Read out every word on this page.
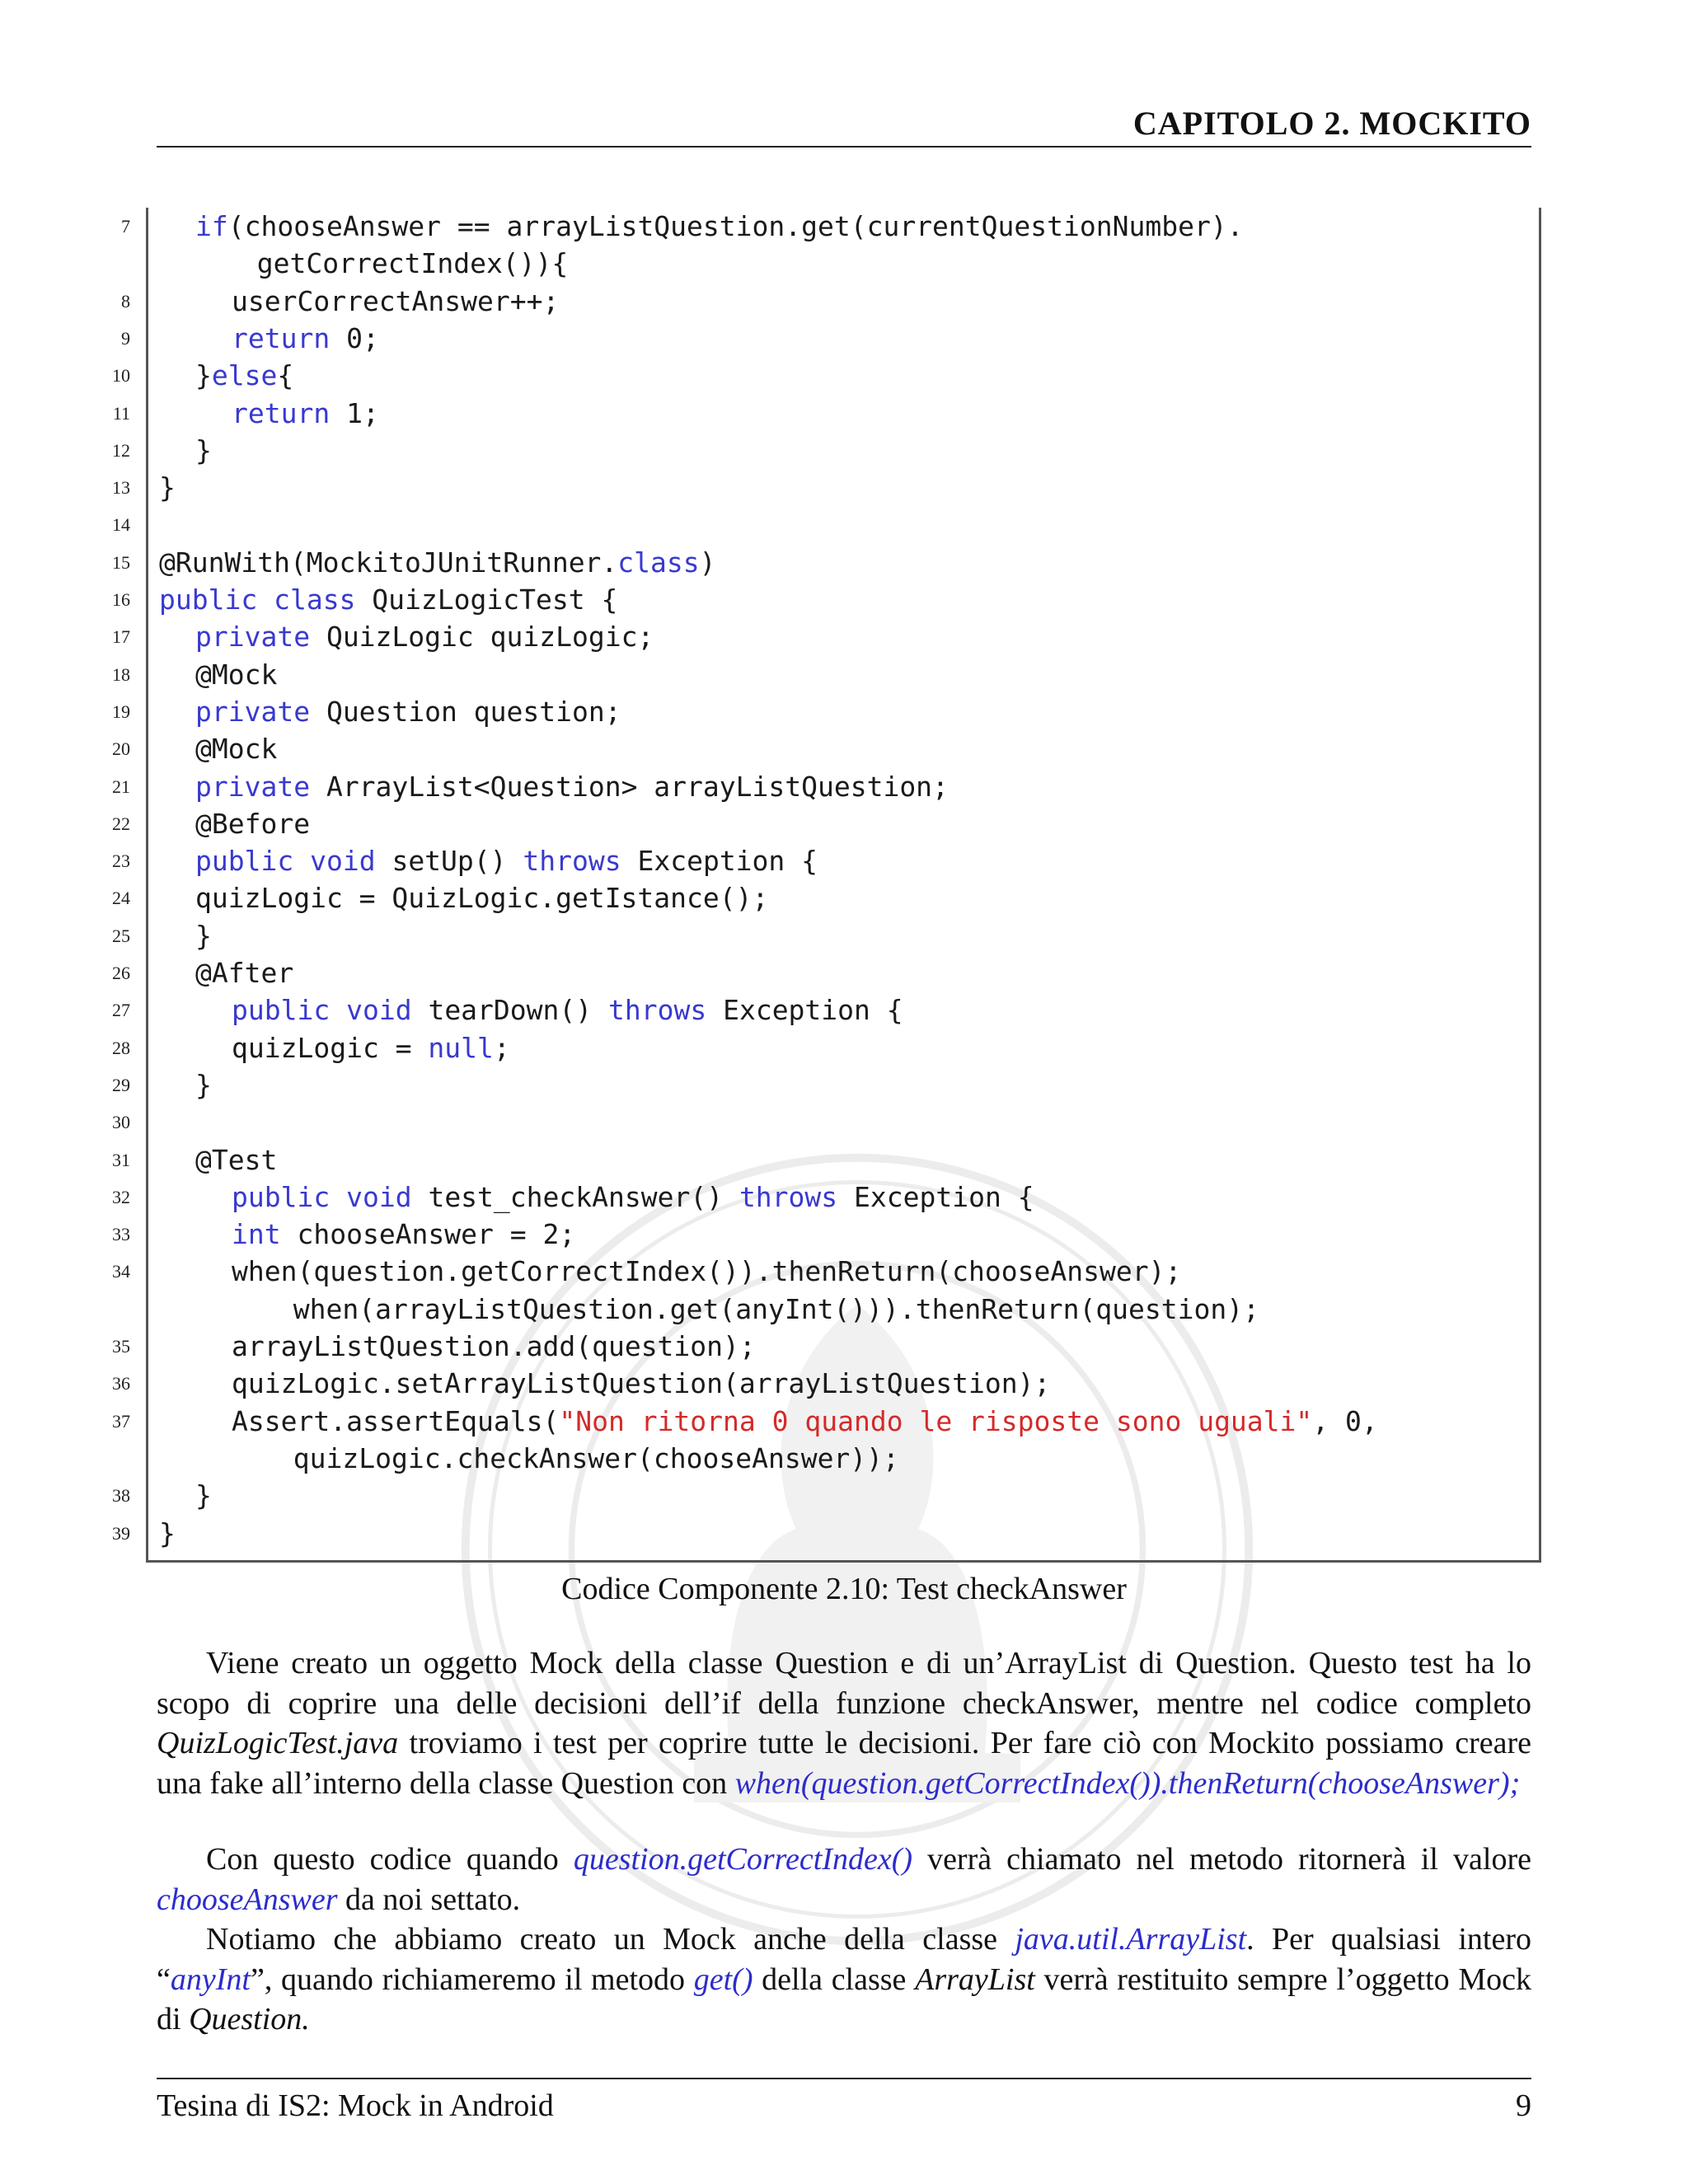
CAPITOLO 2. MOCKITO
7 if(chooseAnswer == arrayListQuestion.get(currentQuestionNumber).
getCorrectIndex()){
8	userCorrectAnswer++;
9	return 0;
10 }else{
11	return 1;
12 }
13 }
14
15 @RunWith(MockitoJUnitRunner.class)
16 public class QuizLogicTest {
17 private QuizLogic quizLogic;
18 @Mock
19 private Question question;
20 @Mock
21 private ArrayList<Question> arrayListQuestion;
22 @Before
23 public void setUp() throws Exception {
24 quizLogic = QuizLogic.getIstance();
25 }
26 @After
27	public void tearDown() throws Exception {
28	quizLogic = null;
29 }
30
31 @Test
32	public void test_checkAnswer() throws Exception {
33	int chooseAnswer = 2;
34	when(question.getCorrectIndex()).thenReturn(chooseAnswer);
when(arrayListQuestion.get(anyInt())).thenReturn(question);
35	arrayListQuestion.add(question);
36	quizLogic.setArrayListQuestion(arrayListQuestion);
37	Assert.assertEquals("Non ritorna 0 quando le risposte sono uguali", 0,
quizLogic.checkAnswer(chooseAnswer));
38 }
39 }
Codice Componente 2.10: Test checkAnswer
Viene creato un oggetto Mock della classe Question e di un’ArrayList di Question. Questo test ha lo scopo di coprire una delle decisioni dell’if della funzione checkAnswer, mentre nel codice completo QuizLogicTest.java troviamo i test per coprire tutte le decisioni. Per fare ciò con Mockito possiamo creare una fake all’interno della classe Question con when(question.getCorrectIndex()).thenReturn(chooseAnswer);
Con questo codice quando question.getCorrectIndex() verrà chiamato nel metodo ritornerà il valore chooseAnswer da noi settato.
Notiamo che abbiamo creato un Mock anche della classe java.util.ArrayList. Per qualsiasi intero “anyInt”, quando richiameremo il metodo get() della classe ArrayList verrà restituito sempre l’oggetto Mock di Question.
Tesina di IS2: Mock in Android	9
